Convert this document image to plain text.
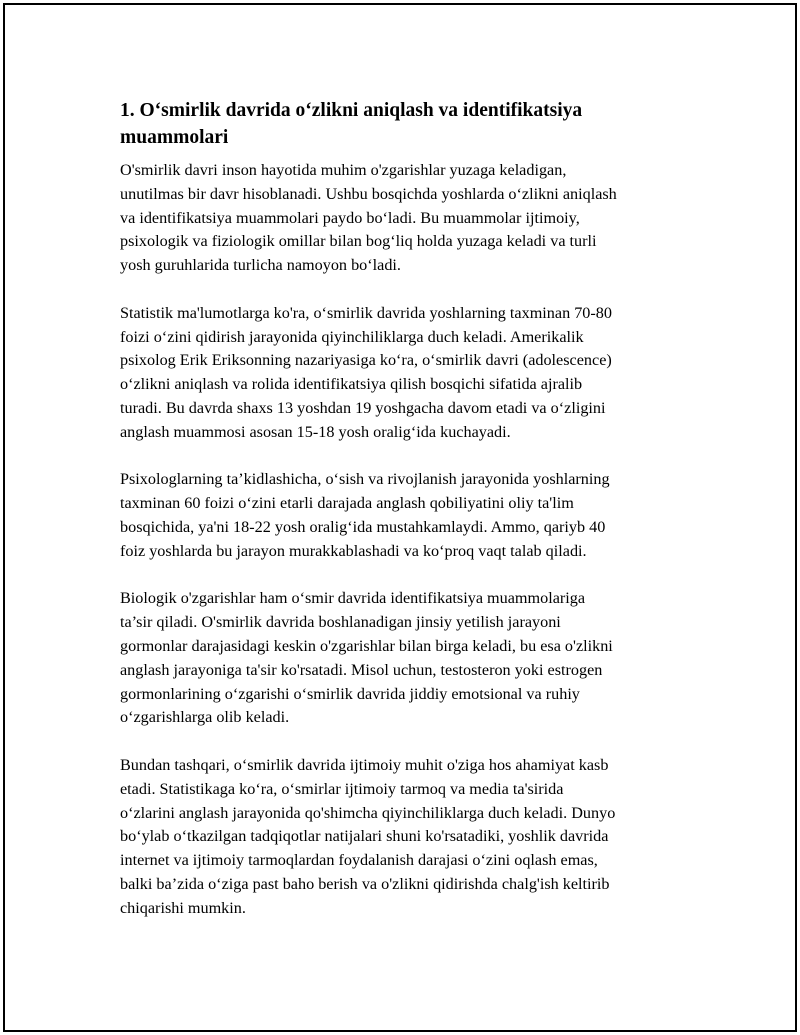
1. O‘smirlik davrida o‘zlikni aniqlash va identifikatsiya
muammolari

O'smirlik davri inson hayotida muhim o'zgarishlar yuzaga keladigan,
unutilmas bir davr hisoblanadi. Ushbu bosqichda yoshlarda o‘zlikni aniqlash
va identifikatsiya muammolari paydo bo‘ladi. Bu muammolar ijtimoiy,
psixologik va fiziologik omillar bilan bog‘liq holda yuzaga keladi va turli
yosh guruhlarida turlicha namoyon bo‘ladi.

Statistik ma'lumotlarga ko'ra, o‘smirlik davrida yoshlarning taxminan 70-80
foizi o‘zini qidirish jarayonida qiyinchiliklarga duch keladi. Amerikalik
psixolog Erik Eriksonning nazariyasiga ko‘ra, o‘smirlik davri (adolescence)
o‘zlikni aniqlash va rolida identifikatsiya qilish bosqichi sifatida ajralib
turadi. Bu davrda shaxs 13 yoshdan 19 yoshgacha davom etadi va o‘zligini
anglash muammosi asosan 15-18 yosh oralig‘ida kuchayadi.

Psixologlarning ta’kidlashicha, o‘sish va rivojlanish jarayonida yoshlarning
taxminan 60 foizi o‘zini etarli darajada anglash qobiliyatini oliy ta'lim
bosqichida, ya'ni 18-22 yosh oralig‘ida mustahkamlaydi. Ammo, qariyb 40
foiz yoshlarda bu jarayon murakkablashadi va ko‘proq vaqt talab qiladi.

Biologik o'zgarishlar ham o‘smir davrida identifikatsiya muammolariga
ta’sir qiladi. O'smirlik davrida boshlanadigan jinsiy yetilish jarayoni
gormonlar darajasidagi keskin o'zgarishlar bilan birga keladi, bu esa o'zlikni
anglash jarayoniga ta'sir ko'rsatadi. Misol uchun, testosteron yoki estrogen
gormonlarining o‘zgarishi o‘smirlik davrida jiddiy emotsional va ruhiy
o‘zgarishlarga olib keladi.

Bundan tashqari, o‘smirlik davrida ijtimoiy muhit o'ziga hos ahamiyat kasb
etadi. Statistikaga ko‘ra, o‘smirlar ijtimoiy tarmoq va media ta'sirida
o‘zlarini anglash jarayonida qo'shimcha qiyinchiliklarga duch keladi. Dunyo
bo‘ylab o‘tkazilgan tadqiqotlar natijalari shuni ko'rsatadiki, yoshlik davrida
internet va ijtimoiy tarmoqlardan foydalanish darajasi o‘zini oqlash emas,
balki ba’zida o‘ziga past baho berish va o'zlikni qidirishda chalg'ish keltirib
chiqarishi mumkin.
